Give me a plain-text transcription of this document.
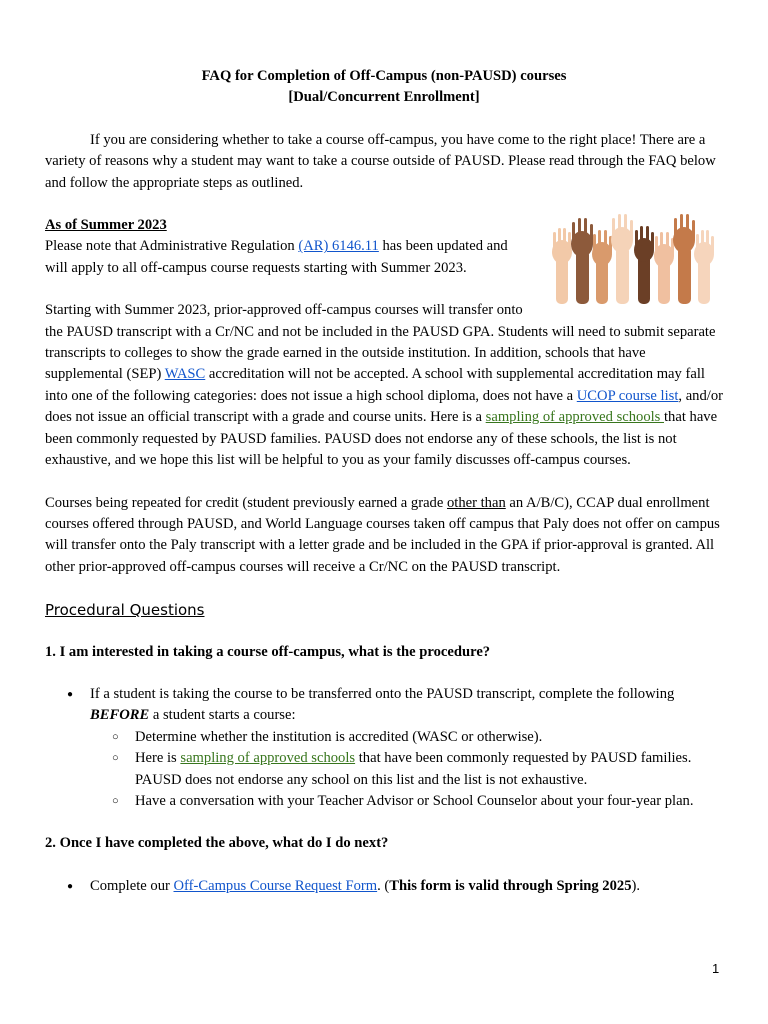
FAQ for Completion of Off-Campus (non-PAUSD) courses

[Dual/Concurrent Enrollment]

If you are considering whether to take a course off-campus, you have come to the right place! There are a variety of reasons why a student may want to take a course outside of PAUSD. Please read through the FAQ below and follow the appropriate steps as outlined.

As of Summer 2023

Please note that Administrative Regulation (AR) 6146.11 has been updated and
will apply to all off-campus course requests starting with Summer 2023.

Starting with Summer 2023, prior-approved off-campus courses will transfer onto
the PAUSD transcript with a Cr/NC and not be included in the PAUSD GPA. Students will need to submit separate transcripts to colleges to show the grade earned in the outside institution. In addition, schools that have supplemental (SEP) WASC accreditation will not be accepted. A school with supplemental accreditation may fall into one of the following categories: does not issue a high school diploma, does not have a UCOP course list, and/or does not issue an official transcript with a grade and course units. Here is a sampling of approved schools that have been commonly requested by PAUSD families. PAUSD does not endorse any of these schools, the list is not exhaustive, and we hope this list will be helpful to you as your family discusses off-campus courses.

Courses being repeated for credit (student previously earned a grade other than an A/B/C), CCAP dual enrollment courses offered through PAUSD, and World Language courses taken off campus that Paly does not offer on campus will transfer onto the Paly transcript with a letter grade and be included in the GPA if prior-approval is granted. All other prior-approved off-campus courses will receive a Cr/NC on the PAUSD transcript.

Procedural Questions

1. I am interested in taking a course off-campus, what is the procedure?

● If a student is taking the course to be transferred onto the PAUSD transcript, complete the following BEFORE a student starts a course:
○ Determine whether the institution is accredited (WASC or otherwise).
○ Here is sampling of approved schools that have been commonly requested by PAUSD families. PAUSD does not endorse any school on this list and the list is not exhaustive.
○ Have a conversation with your Teacher Advisor or School Counselor about your four-year plan.

2. Once I have completed the above, what do I do next?

● Complete our Off-Campus Course Request Form. (This form is valid through Spring 2025).
1
